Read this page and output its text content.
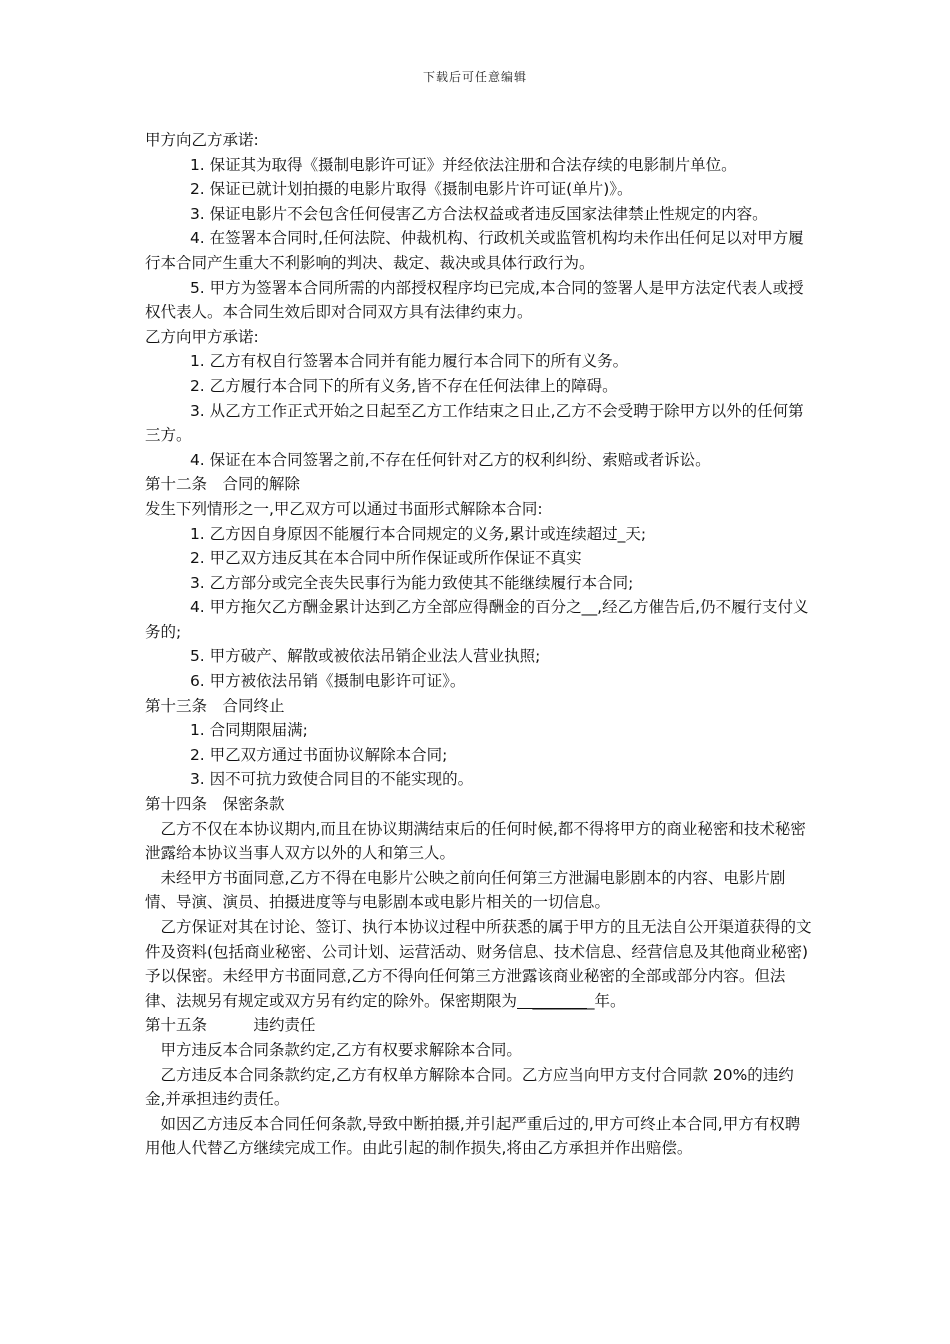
下载后可任意编辑

甲方向乙方承诺:

1. 保证其为取得《摄制电影许可证》并经依法注册和合法存续的电影制片单位。

2. 保证已就计划拍摄的电影片取得《摄制电影片许可证(单片)》。

3. 保证电影片不会包含任何侵害乙方合法权益或者违反国家法律禁止性规定的内容。

4. 在签署本合同时,任何法院、仲裁机构、行政机关或监管机构均未作出任何足以对甲方履行本合同产生重大不利影响的判决、裁定、裁决或具体行政行为。

5. 甲方为签署本合同所需的内部授权程序均已完成,本合同的签署人是甲方法定代表人或授权代表人。本合同生效后即对合同双方具有法律约束力。

乙方向甲方承诺:

1. 乙方有权自行签署本合同并有能力履行本合同下的所有义务。

2. 乙方履行本合同下的所有义务,皆不存在任何法律上的障碍。

3. 从乙方工作正式开始之日起至乙方工作结束之日止,乙方不会受聘于除甲方以外的任何第三方。

4. 保证在本合同签署之前,不存在任何针对乙方的权利纠纷、索赔或者诉讼。

第十二条　合同的解除

发生下列情形之一,甲乙双方可以通过书面形式解除本合同:

1. 乙方因自身原因不能履行本合同规定的义务,累计或连续超过_天;

2. 甲乙双方违反其在本合同中所作保证或所作保证不真实

3. 乙方部分或完全丧失民事行为能力致使其不能继续履行本合同;

4. 甲方拖欠乙方酬金累计达到乙方全部应得酬金的百分之__,经乙方催告后,仍不履行支付义务的;

5. 甲方破产、解散或被依法吊销企业法人营业执照;

6. 甲方被依法吊销《摄制电影许可证》。

第十三条　合同终止

1. 合同期限届满;

2. 甲乙双方通过书面协议解除本合同;

3. 因不可抗力致使合同目的不能实现的。

第十四条　保密条款

乙方不仅在本协议期内,而且在协议期满结束后的任何时候,都不得将甲方的商业秘密和技术秘密泄露给本协议当事人双方以外的人和第三人。

未经甲方书面同意,乙方不得在电影片公映之前向任何第三方泄漏电影剧本的内容、电影片剧情、导演、演员、拍摄进度等与电影剧本或电影片相关的一切信息。

乙方保证对其在讨论、签订、执行本协议过程中所获悉的属于甲方的且无法自公开渠道获得的文件及资料(包括商业秘密、公司计划、运营活动、财务信息、技术信息、经营信息及其他商业秘密)予以保密。未经甲方书面同意,乙方不得向任何第三方泄露该商业秘密的全部或部分内容。但法律、法规另有规定或双方另有约定的除外。保密期限为 ________年。

第十五条　　　违约责任

甲方违反本合同条款约定,乙方有权要求解除本合同。

乙方违反本合同条款约定,乙方有权单方解除本合同。乙方应当向甲方支付合同款 20%的违约金,并承担违约责任。

如因乙方违反本合同任何条款,导致中断拍摄,并引起严重后过的,甲方可终止本合同,甲方有权聘用他人代替乙方继续完成工作。由此引起的制作损失,将由乙方承担并作出赔偿。
